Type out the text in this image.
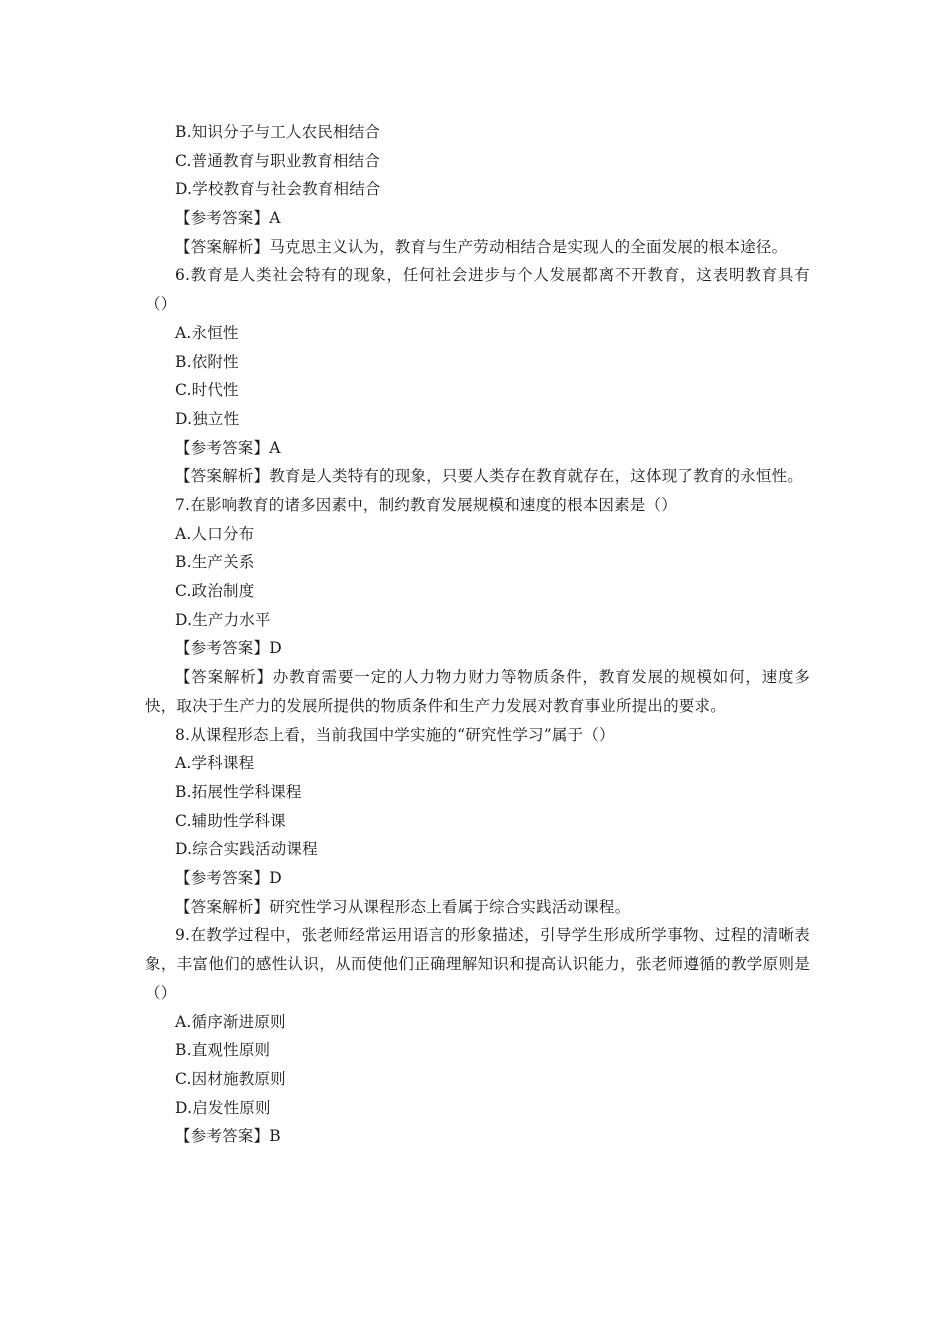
B.知识分子与工人农民相结合
C.普通教育与职业教育相结合
D.学校教育与社会教育相结合
【参考答案】A

【答案解析】马克思主义认为，教育与生产劳动相结合是实现人的全面发展的根本途径。

6.教育是人类社会特有的现象，任何社会进步与个人发展都离不开教育，这表明教育具有（）

A.永恒性
B.依附性
C.时代性
D.独立性
【参考答案】A

【答案解析】教育是人类特有的现象，只要人类存在教育就存在，这体现了教育的永恒性。

7.在影响教育的诸多因素中，制约教育发展规模和速度的根本因素是（）

A.人口分布
B.生产关系
C.政治制度
D.生产力水平
【参考答案】D

【答案解析】办教育需要一定的人力物力财力等物质条件，教育发展的规模如何，速度多快，取决于生产力的发展所提供的物质条件和生产力发展对教育事业所提出的要求。

8.从课程形态上看，当前我国中学实施的“研究性学习”属于（）

A.学科课程
B.拓展性学科课程
C.辅助性学科课
D.综合实践活动课程
【参考答案】D

【答案解析】研究性学习从课程形态上看属于综合实践活动课程。

9.在教学过程中，张老师经常运用语言的形象描述，引导学生形成所学事物、过程的清晰表象，丰富他们的感性认识，从而使他们正确理解知识和提高认识能力，张老师遵循的教学原则是（）

A.循序渐进原则
B.直观性原则
C.因材施教原则
D.启发性原则
【参考答案】B
